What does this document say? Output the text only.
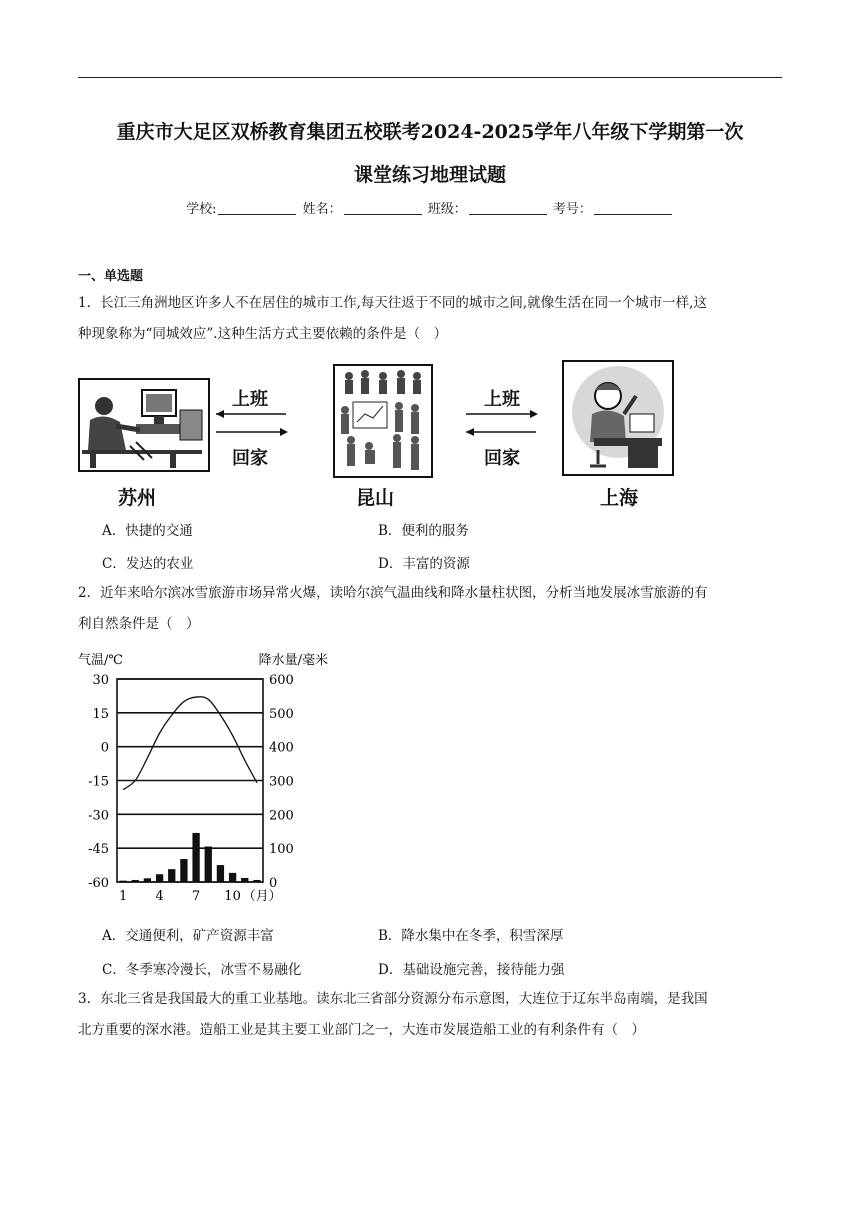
重庆市大足区双桥教育集团五校联考2024-2025学年八年级下学期第一次
课堂练习地理试题
学校:	姓名：	班级：	考号：
一、单选题
1．长江三角洲地区许多人不在居住的城市工作,每天往返于不同的城市之间,就像生活在同一个城市一样,这
种现象称为“同城效应”.这种生活方式主要依赖的条件是（　）
苏州
上班
回家
昆山
上班
回家
上海
A．快捷的交通	B．便利的服务
C．发达的农业	D．丰富的资源
2．近年来哈尔滨冰雪旅游市场异常火爆，读哈尔滨气温曲线和降水量柱状图，分析当地发展冰雪旅游的有
利自然条件是（　）
气温/℃	降水量/毫米
30
15
0
-15
-30
-45
-60
600
500
400
300
200
100
0
1 4 7 10 （月）
A．交通便利，矿产资源丰富	B．降水集中在冬季，积雪深厚
C．冬季寒冷漫长，冰雪不易融化	D．基础设施完善，接待能力强
3．东北三省是我国最大的重工业基地。读东北三省部分资源分布示意图，大连位于辽东半岛南端，是我国
北方重要的深水港。造船工业是其主要工业部门之一，大连市发展造船工业的有利条件有（　）
